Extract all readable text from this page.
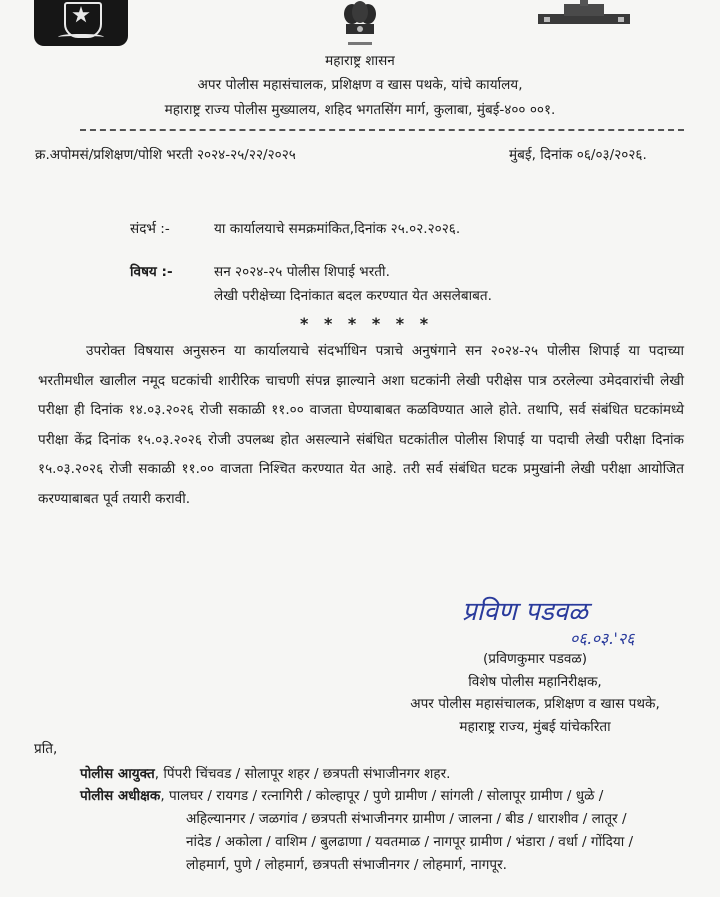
महाराष्ट्र शासन
अपर पोलीस महासंचालक, प्रशिक्षण व खास पथके, यांचे कार्यालय,
महाराष्ट्र राज्य पोलीस मुख्यालय, शहिद भगतसिंग मार्ग, कुलाबा, मुंबई-४०० ००१.
क्र.अपोमसं/प्रशिक्षण/पोशि भरती २०२४-२५/२२/२०२५	मुंबई, दिनांक ०६/०३/२०२६.
संदर्भ :-	या कार्यालयाचे समक्रमांकित,दिनांक २५.०२.२०२६.
विषय :-	सन २०२४-२५ पोलीस शिपाई भरती.
लेखी परीक्षेच्या दिनांकात बदल करण्यात येत असलेबाबत.
* * * * * *
उपरोक्त विषयास अनुसरुन या कार्यालयाचे संदर्भाधिन पत्राचे अनुषंगाने सन २०२४-२५ पोलीस शिपाई या पदाच्या भरतीमधील खालील नमूद घटकांची शारीरिक चाचणी संपन्न झाल्याने अशा घटकांनी लेखी परीक्षेस पात्र ठरलेल्या उमेदवारांची लेखी परीक्षा ही दिनांक १४.०३.२०२६ रोजी सकाळी ११.०० वाजता घेण्याबाबत कळविण्यात आले होते. तथापि, सर्व संबंधित घटकांमध्ये परीक्षा केंद्र दिनांक १५.०३.२०२६ रोजी उपलब्ध होत असल्याने संबंधित घटकांतील पोलीस शिपाई या पदाची लेखी परीक्षा दिनांक १५.०३.२०२६ रोजी सकाळी ११.०० वाजता निश्चित करण्यात येत आहे. तरी सर्व संबंधित घटक प्रमुखांनी लेखी परीक्षा आयोजित करण्याबाबत पूर्व तयारी करावी.
प्रविण पडवळ
०६.०३.'२६
(प्रविणकुमार पडवळ)
विशेष पोलीस महानिरीक्षक,
अपर पोलीस महासंचालक, प्रशिक्षण व खास पथके,
महाराष्ट्र राज्य, मुंबई यांचेकरिता
प्रति,
पोलीस आयुक्त, पिंपरी चिंचवड / सोलापूर शहर / छत्रपती संभाजीनगर शहर.
पोलीस अधीक्षक, पालघर / रायगड / रत्नागिरी / कोल्हापूर / पुणे ग्रामीण / सांगली / सोलापूर ग्रामीण / धुळे /
अहिल्यानगर / जळगांव / छत्रपती संभाजीनगर ग्रामीण / जालना / बीड / धाराशीव / लातूर /
नांदेड / अकोला / वाशिम / बुलढाणा / यवतमाळ / नागपूर ग्रामीण / भंडारा / वर्धा / गोंदिया /
लोहमार्ग, पुणे / लोहमार्ग, छत्रपती संभाजीनगर / लोहमार्ग, नागपूर.
